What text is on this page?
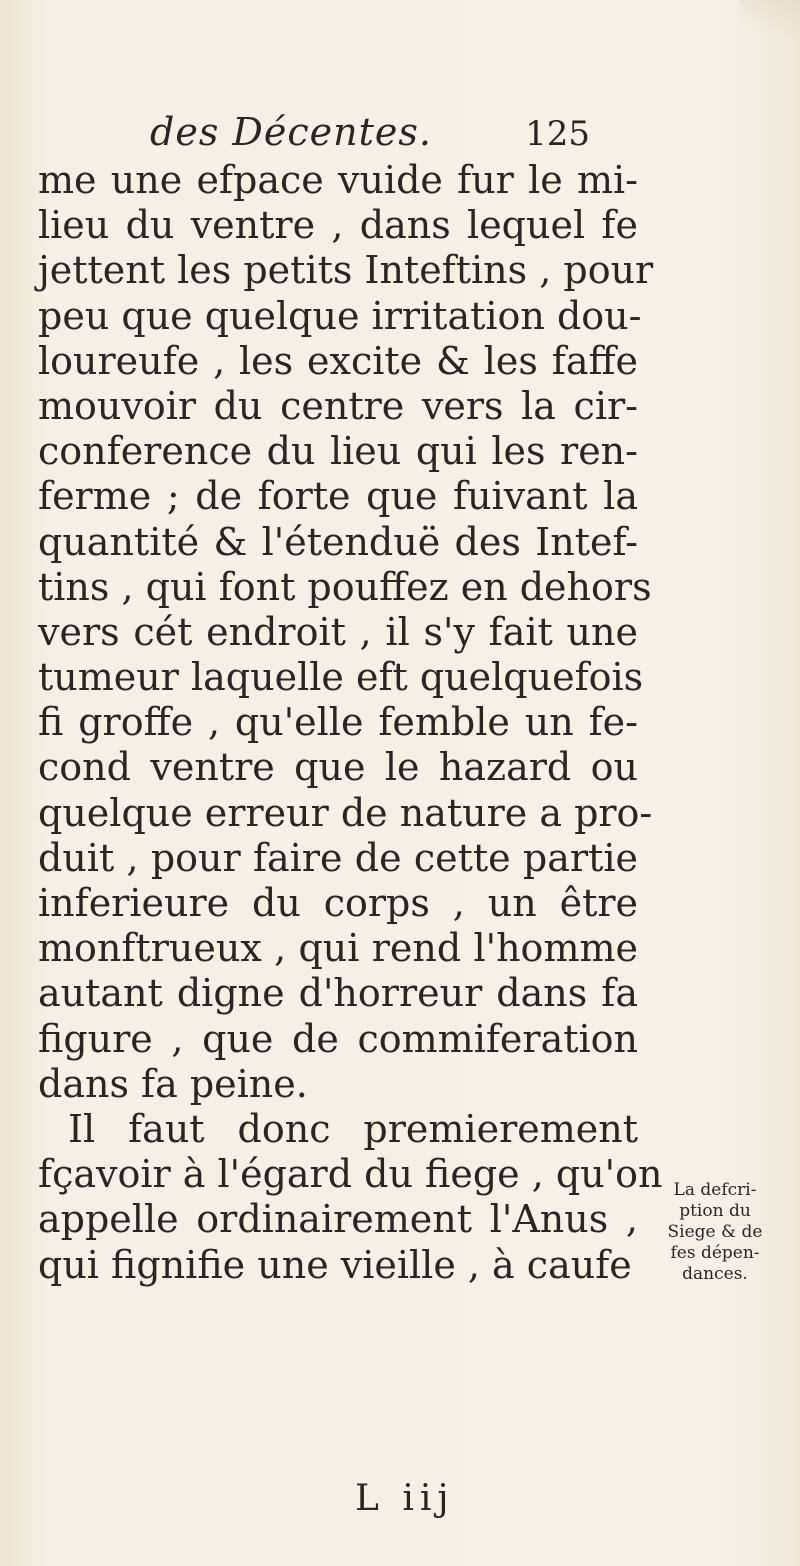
des Décentes.	125
me une efpace vuide fur le mi-
lieu du ventre , dans lequel fe
jettent les petits Inteftins , pour
peu que quelque irritation dou-
loureufe , les excite & les faffe
mouvoir du centre vers la cir-
conference du lieu qui les ren-
ferme ; de forte que fuivant la
quantité & l'étenduë des Intef-
tins , qui font pouffez en dehors
vers cét endroit , il s'y fait une
tumeur laquelle eft quelquefois
fi groffe , qu'elle femble un fe-
cond ventre que le hazard ou
quelque erreur de nature a pro-
duit , pour faire de cette partie
inferieure du corps , un être
monftrueux , qui rend l'homme
autant digne d'horreur dans fa
figure , que de commiferation
dans fa peine.
Il faut donc premierement
fçavoir à l'égard du fiege , qu'on
appelle ordinairement l'Anus ,
qui fignifie une vieille , à caufe
La defcri-
ption du
Siege & de
fes dépen-
dances.
L iij
